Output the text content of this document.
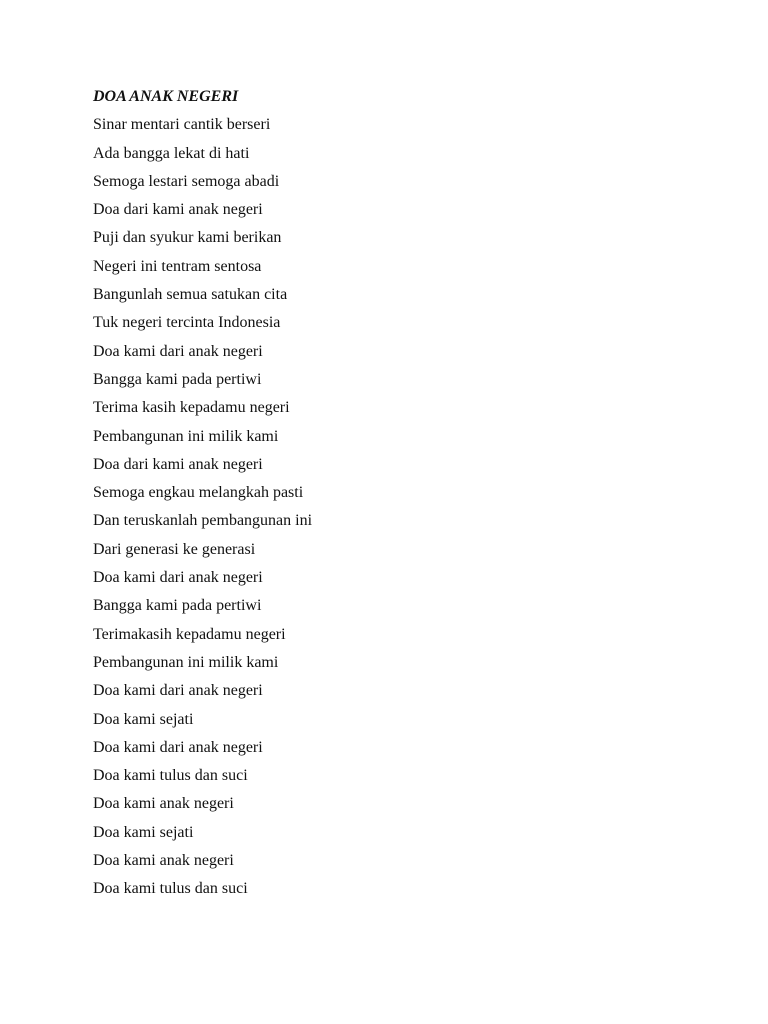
DOA ANAK NEGERI
Sinar mentari cantik berseri
Ada bangga lekat di hati
Semoga lestari semoga abadi
Doa dari kami anak negeri
Puji dan syukur kami berikan
Negeri ini tentram sentosa
Bangunlah semua satukan cita
Tuk negeri tercinta Indonesia
Doa kami dari anak negeri
Bangga kami pada pertiwi
Terima kasih kepadamu negeri
Pembangunan ini milik kami
Doa dari kami anak negeri
Semoga engkau melangkah pasti
Dan teruskanlah pembangunan ini
Dari generasi ke generasi
Doa kami dari anak negeri
Bangga kami pada pertiwi
Terimakasih kepadamu negeri
Pembangunan ini milik kami
Doa kami dari anak negeri
Doa kami sejati
Doa kami dari anak negeri
Doa kami tulus dan suci
Doa kami anak negeri
Doa kami sejati
Doa kami anak negeri
Doa kami tulus dan suci
